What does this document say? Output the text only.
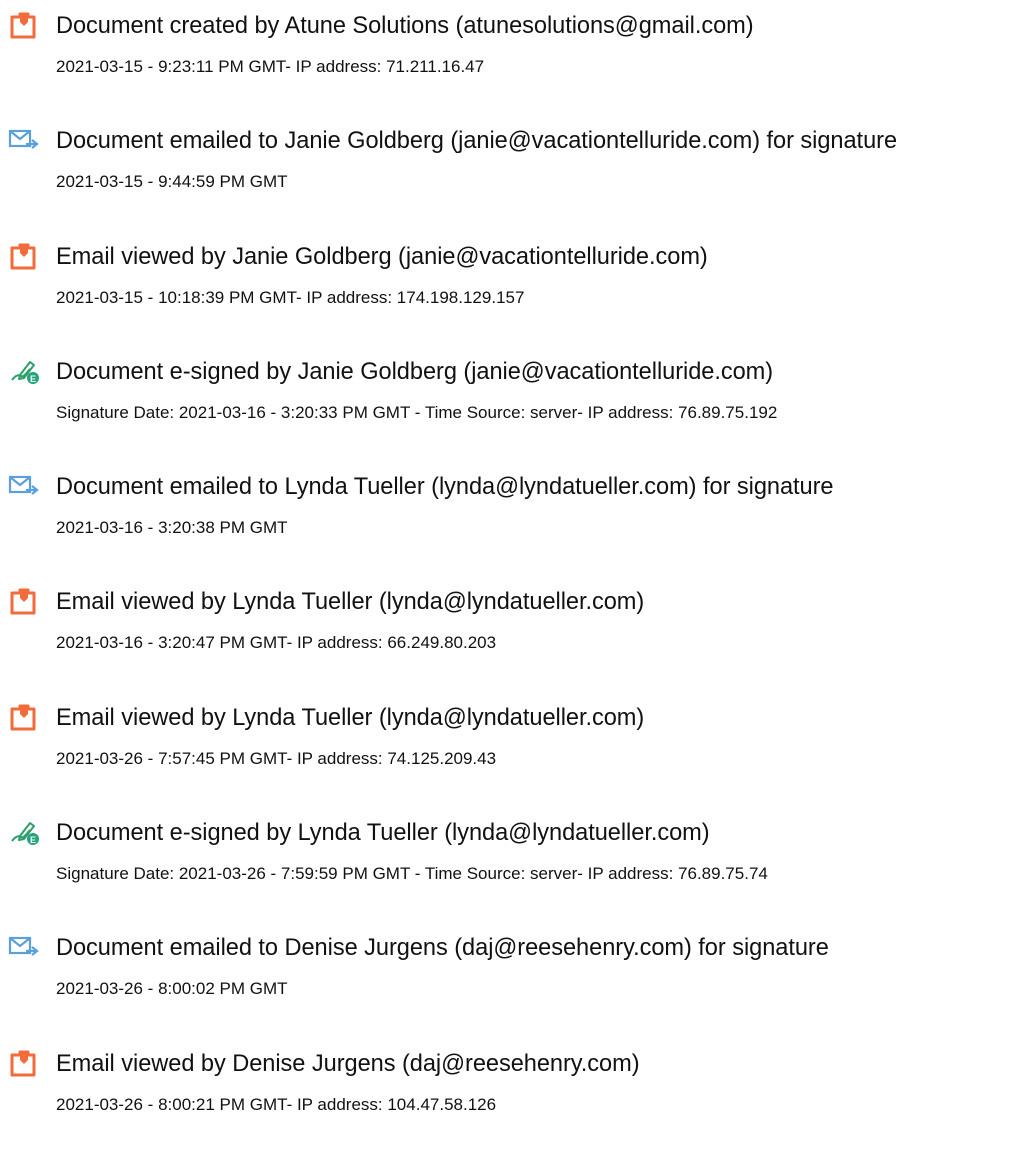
Document created by Atune Solutions (atunesolutions@gmail.com)
2021-03-15 - 9:23:11 PM GMT- IP address: 71.211.16.47
Document emailed to Janie Goldberg (janie@vacationtelluride.com) for signature
2021-03-15 - 9:44:59 PM GMT
Email viewed by Janie Goldberg (janie@vacationtelluride.com)
2021-03-15 - 10:18:39 PM GMT- IP address: 174.198.129.157
E Document e-signed by Janie Goldberg (janie@vacationtelluride.com)
Signature Date: 2021-03-16 - 3:20:33 PM GMT - Time Source: server- IP address: 76.89.75.192
Document emailed to Lynda Tueller (lynda@lyndatueller.com) for signature
2021-03-16 - 3:20:38 PM GMT
Email viewed by Lynda Tueller (lynda@lyndatueller.com)
2021-03-16 - 3:20:47 PM GMT- IP address: 66.249.80.203
Email viewed by Lynda Tueller (lynda@lyndatueller.com)
2021-03-26 - 7:57:45 PM GMT- IP address: 74.125.209.43
E Document e-signed by Lynda Tueller (lynda@lyndatueller.com)
Signature Date: 2021-03-26 - 7:59:59 PM GMT - Time Source: server- IP address: 76.89.75.74
Document emailed to Denise Jurgens (daj@reesehenry.com) for signature
2021-03-26 - 8:00:02 PM GMT
Email viewed by Denise Jurgens (daj@reesehenry.com)
2021-03-26 - 8:00:21 PM GMT- IP address: 104.47.58.126
